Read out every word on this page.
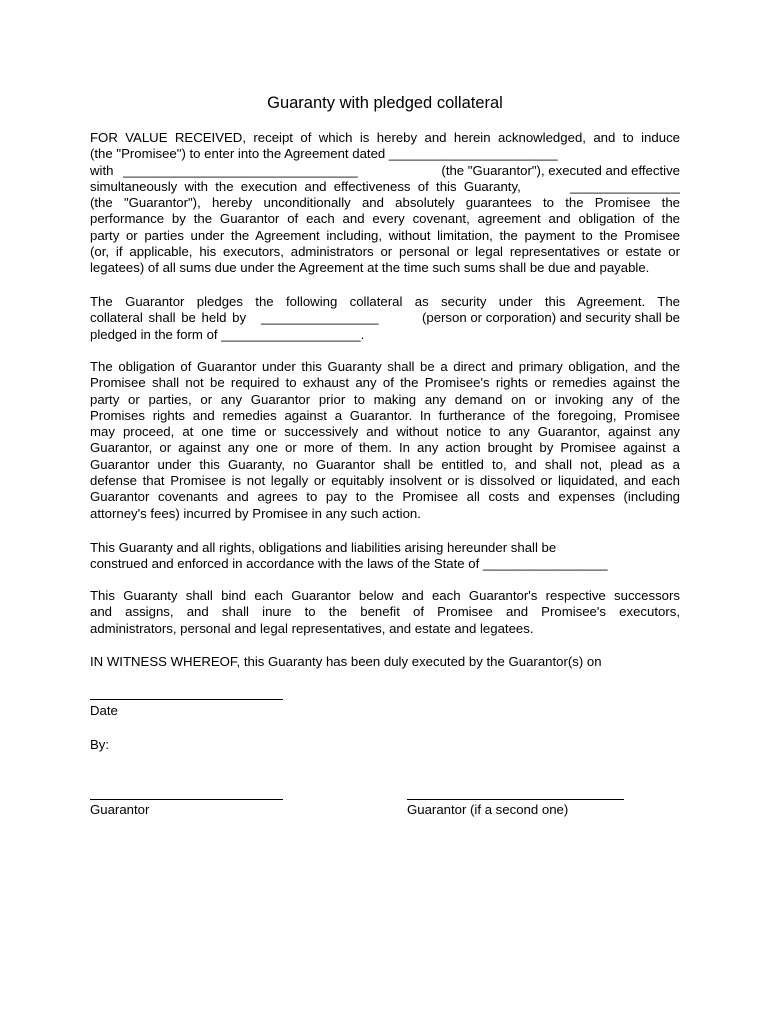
Guaranty with pledged collateral
FOR VALUE RECEIVED, receipt of which is hereby and herein acknowledged, and to induce
(the "Promisee") to enter into the Agreement dated _______________________
with ________________________________	(the "Guarantor"), executed and effective
simultaneously with the execution and effectiveness of this Guaranty,	_______________
(the "Guarantor"), hereby unconditionally and absolutely guarantees to the Promisee the
performance by the Guarantor of each and every covenant, agreement and obligation of the
party or parties under the Agreement including, without limitation, the payment to the Promisee
(or, if applicable, his executors, administrators or personal or legal representatives or estate or
legatees) of all sums due under the Agreement at the time such sums shall be due and payable.
The Guarantor pledges the following collateral as security under this Agreement. The
collateral shall be held by ________________	(person or corporation) and security shall be
pledged in the form of ___________________.
The obligation of Guarantor under this Guaranty shall be a direct and primary obligation, and the
Promisee shall not be required to exhaust any of the Promisee's rights or remedies against the
party or parties, or any Guarantor prior to making any demand on or invoking any of the
Promises rights and remedies against a Guarantor. In furtherance of the foregoing, Promisee
may proceed, at one time or successively and without notice to any Guarantor, against any
Guarantor, or against any one or more of them. In any action brought by Promisee against a
Guarantor under this Guaranty, no Guarantor shall be entitled to, and shall not, plead as a
defense that Promisee is not legally or equitably insolvent or is dissolved or liquidated, and each
Guarantor covenants and agrees to pay to the Promisee all costs and expenses (including
attorney's fees) incurred by Promisee in any such action.
This Guaranty and all rights, obligations and liabilities arising hereunder shall be
construed and enforced in accordance with the laws of the State of _________________
This Guaranty shall bind each Guarantor below and each Guarantor's respective successors
and assigns, and shall inure to the benefit of Promisee and Promisee's executors,
administrators, personal and legal representatives, and estate and legatees.
IN WITNESS WHEREOF, this Guaranty has been duly executed by the Guarantor(s) on
Date
By:
Guarantor	Guarantor (if a second one)
